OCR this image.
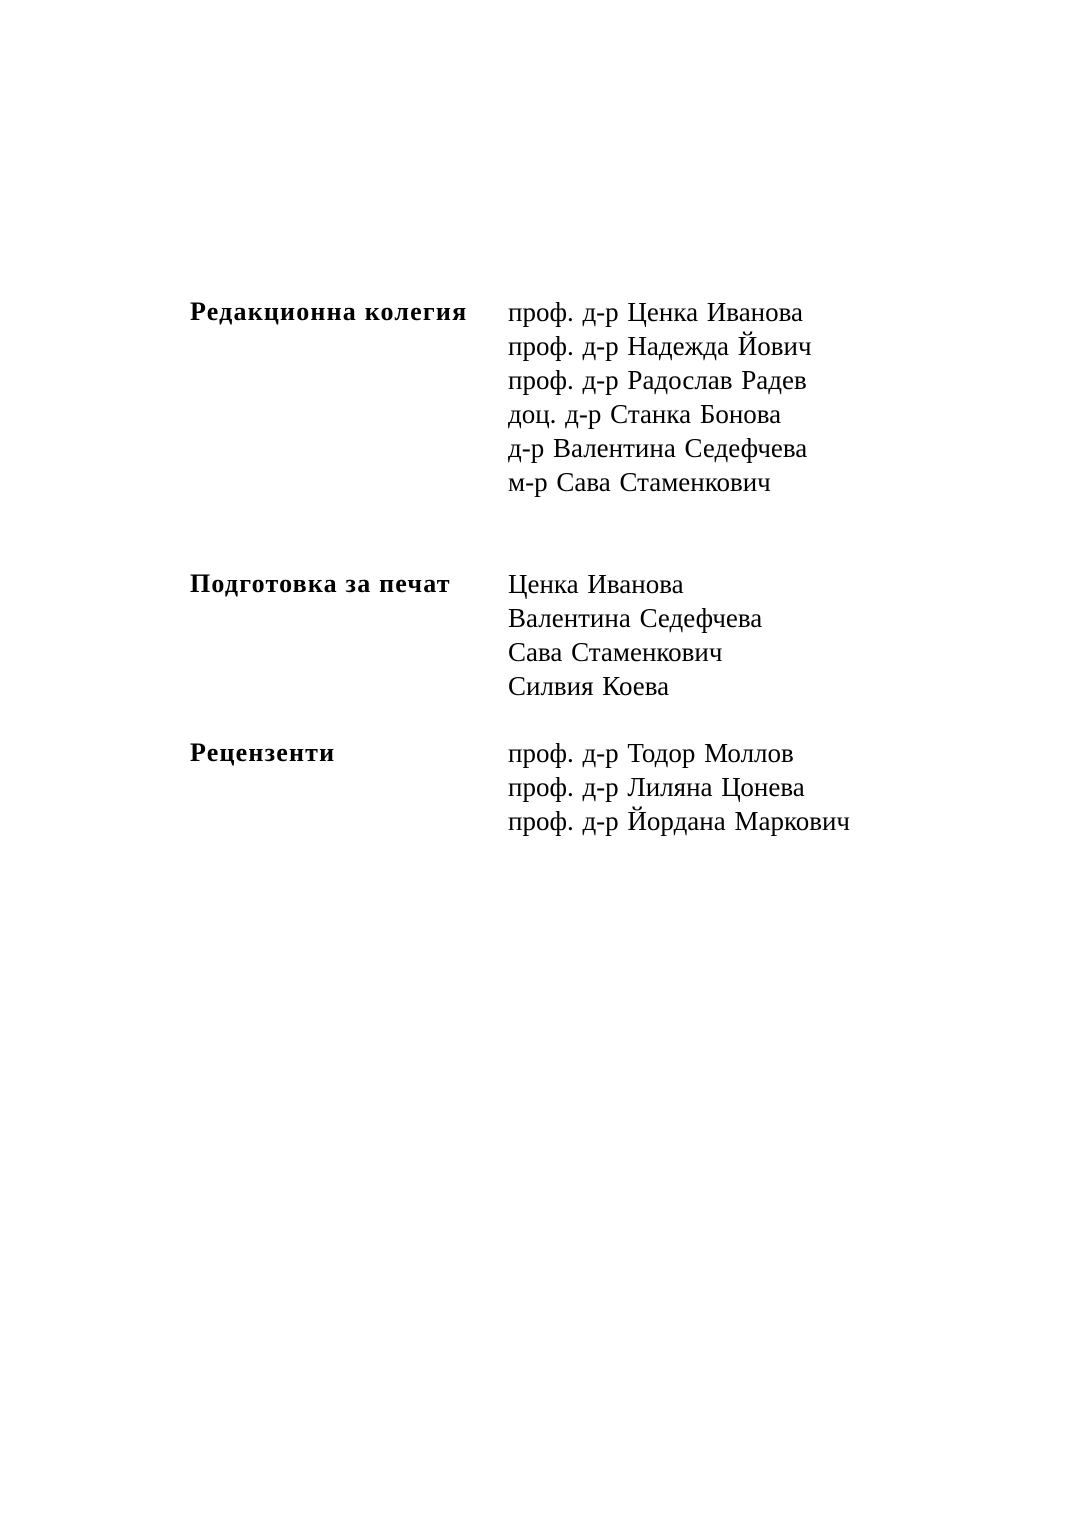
Редакционна колегия проф. д-р Ценка Иванова
проф. д-р Надежда Йович
проф. д-р Радослав Радев
доц. д-р Станка Бонова
д-р Валентина Седефчева
м-р Сава Стаменкович
Подготовка за печат Ценка Иванова
Валентина Седефчева
Сава Стаменкович
Силвия Коева
Рецензенти	проф. д-р Тодор Моллов
проф. д-р Лиляна Цонева
проф. д-р Йордана Маркович
